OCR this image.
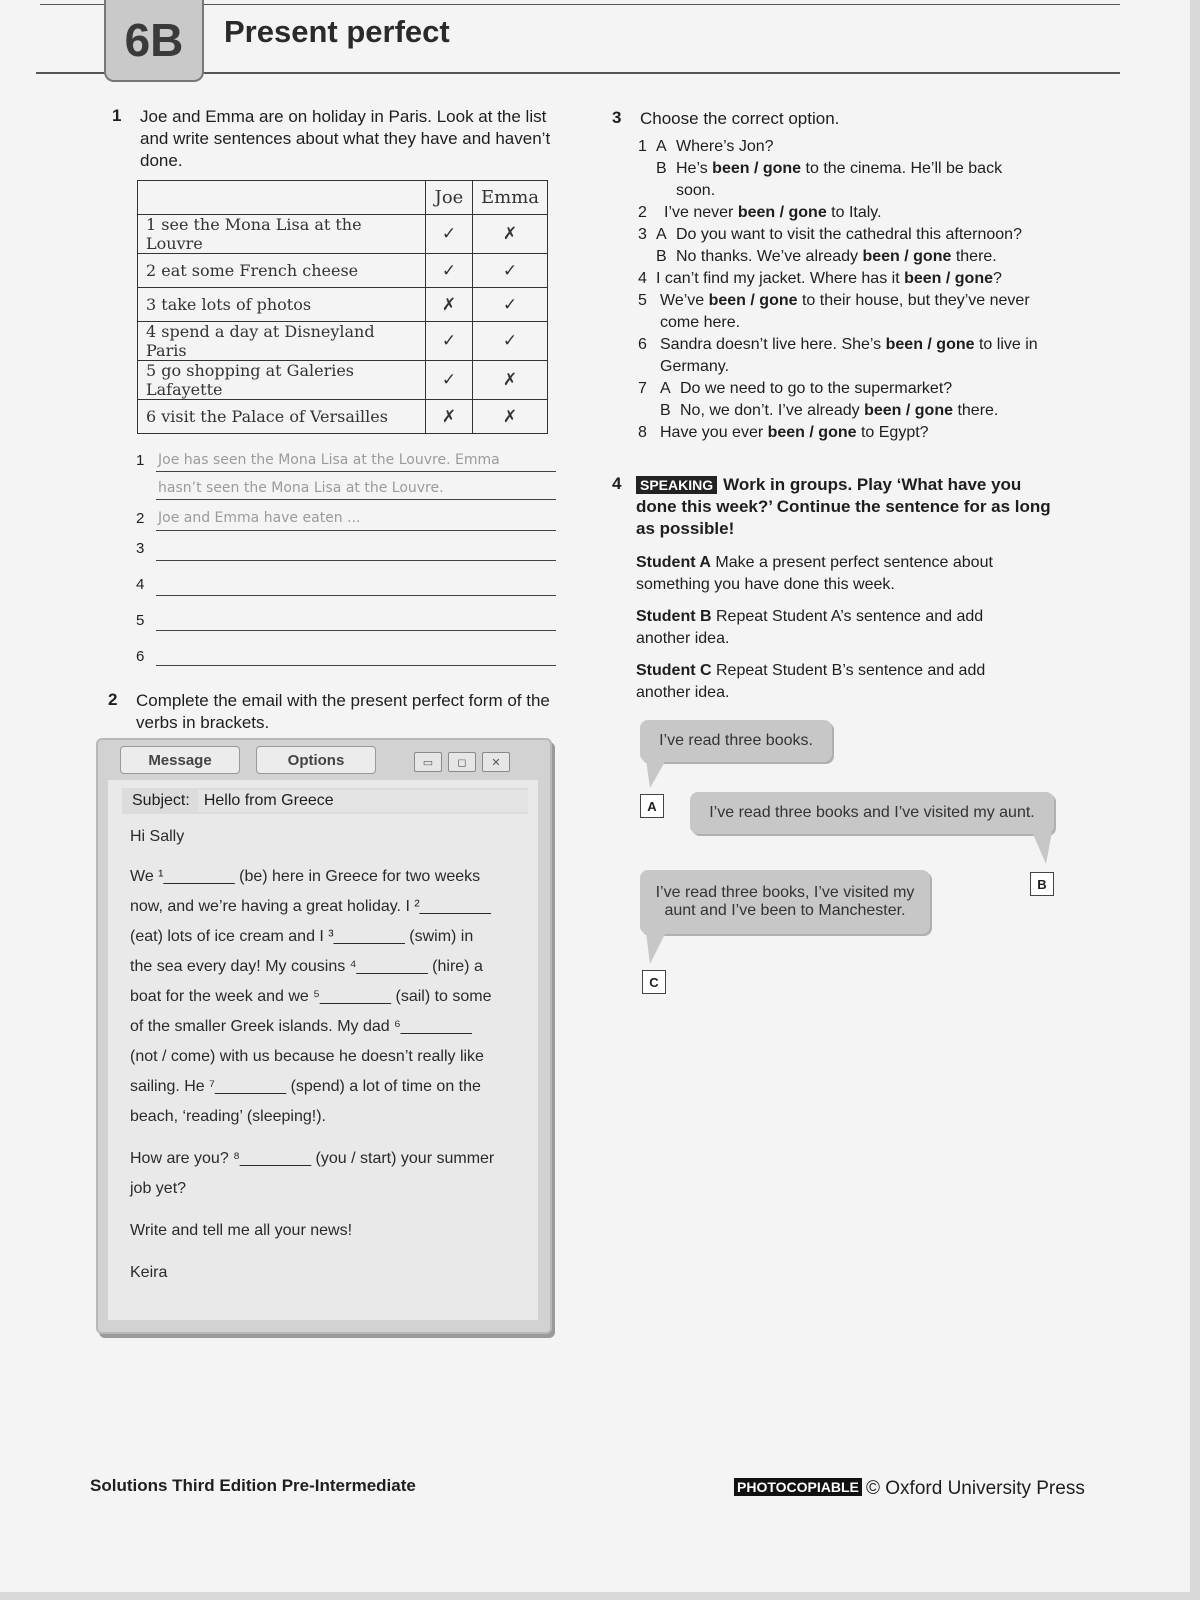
6B	Present perfect
1 Joe and Emma are on holiday in Paris. Look at the list and write sentences about what they have and haven’t done.
	Joe	Emma
1 see the Mona Lisa at the Louvre	✓	✗
2 eat some French cheese	✓	✓
3 take lots of photos	✗	✓
4 spend a day at Disneyland Paris	✓	✓
5 go shopping at Galeries Lafayette	✓	✗
6 visit the Palace of Versailles	✗	✗
1 Joe has seen the Mona Lisa at the Louvre. Emma
hasn’t seen the Mona Lisa at the Louvre.
2 Joe and Emma have eaten ...
3
4
5
6
2 Complete the email with the present perfect form of the verbs in brackets.
Message	Options	▭	◻	✕
Subject: Hello from Greece
Hi Sally
We ¹________ (be) here in Greece for two weeks
now, and we’re having a great holiday. I ²________
(eat) lots of ice cream and I ³________ (swim) in
the sea every day! My cousins ⁴________ (hire) a
boat for the week and we ⁵________ (sail) to some
of the smaller Greek islands. My dad ⁶________
(not / come) with us because he doesn’t really like
sailing. He ⁷________ (spend) a lot of time on the
beach, ‘reading’ (sleeping!).
How are you? ⁸________ (you / start) your summer
job yet?
Write and tell me all your news!
Keira
3 Choose the correct option.
1 A Where’s Jon?
B He’s been / gone to the cinema. He’ll be back
soon.
2 I’ve never been / gone to Italy.
3 A Do you want to visit the cathedral this afternoon?
B No thanks. We’ve already been / gone there.
4 I can’t find my jacket. Where has it been / gone?
5 We’ve been / gone to their house, but they’ve never
come here.
6 Sandra doesn’t live here. She’s been / gone to live in
Germany.
7 A Do we need to go to the supermarket?
B No, we don’t. I’ve already been / gone there.
8 Have you ever been / gone to Egypt?
4 SPEAKING Work in groups. Play ‘What have you done this week?’ Continue the sentence for as long as possible!
Student A Make a present perfect sentence about something you have done this week.
Student B Repeat Student A’s sentence and add another idea.
Student C Repeat Student B’s sentence and add another idea.
I’ve read three books.
A	I’ve read three books and I’ve visited my aunt.
B
I’ve read three books, I’ve visited my aunt and I’ve been to Manchester.
C
Solutions Third Edition Pre-Intermediate	PHOTOCOPIABLE © Oxford University Press
